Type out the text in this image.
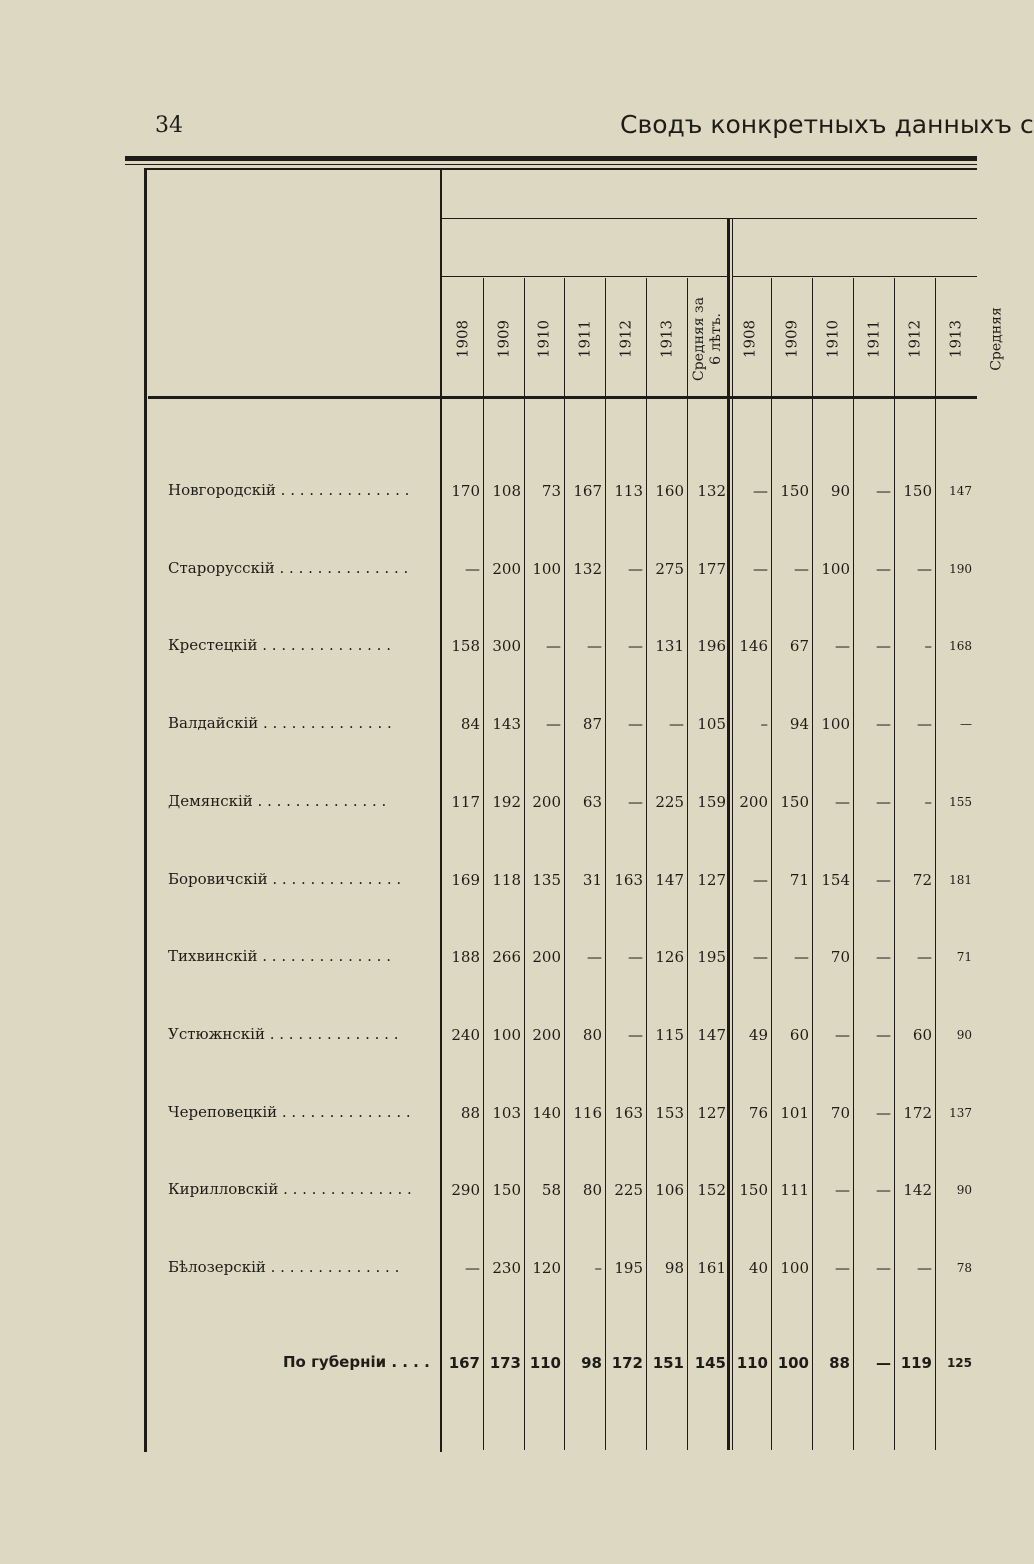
34	Сводъ конкретныхъ данныхъ с
1908 1909 1910 1911 1912 1913 Средняя за 6 лѣтъ. 1908 1909 1910 1911 1912 1913 Средняя
Новгородскій . . . . . . . . . . . . . .	170 108	73 167 113 160 132	— 150	90	— 150	147
Старорусскій . . . . . . . . . . . . . .	— 200 100 132	— 275 177	—	— 100	—	—	190
Крестецкій . . . . . . . . . . . . . .	158 300	—	—	— 131 196 146	67	—	—	–	168
Валдайскій . . . . . . . . . . . . . .	84 143	—	87	—	— 105	–	94 100	—	—	—
Демянскій . . . . . . . . . . . . . .	117 192 200	63	— 225 159 200 150	—	—	–	155
Боровичскій . . . . . . . . . . . . . .	169 118 135	31 163 147 127	—	71 154	—	72	181
Тихвинскій . . . . . . . . . . . . . .	188 266 200	—	— 126 195	—	—	70	—	—	71
Устюжнскій . . . . . . . . . . . . . .	240 100 200	80	— 115 147	49	60	—	—	60	90
Череповецкій . . . . . . . . . . . . . .	88 103 140 116 163 153 127	76 101	70	— 172	137
Кирилловскій . . . . . . . . . . . . . .	290 150	58	80 225 106 152 150 111	—	— 142	90
Бѣлозерскій . . . . . . . . . . . . . .	— 230 120	– 195	98 161	40 100	—	—	—	78
По губерніи . . . .	167 173 110	98 172 151 145 110 100	88	— 119	125
